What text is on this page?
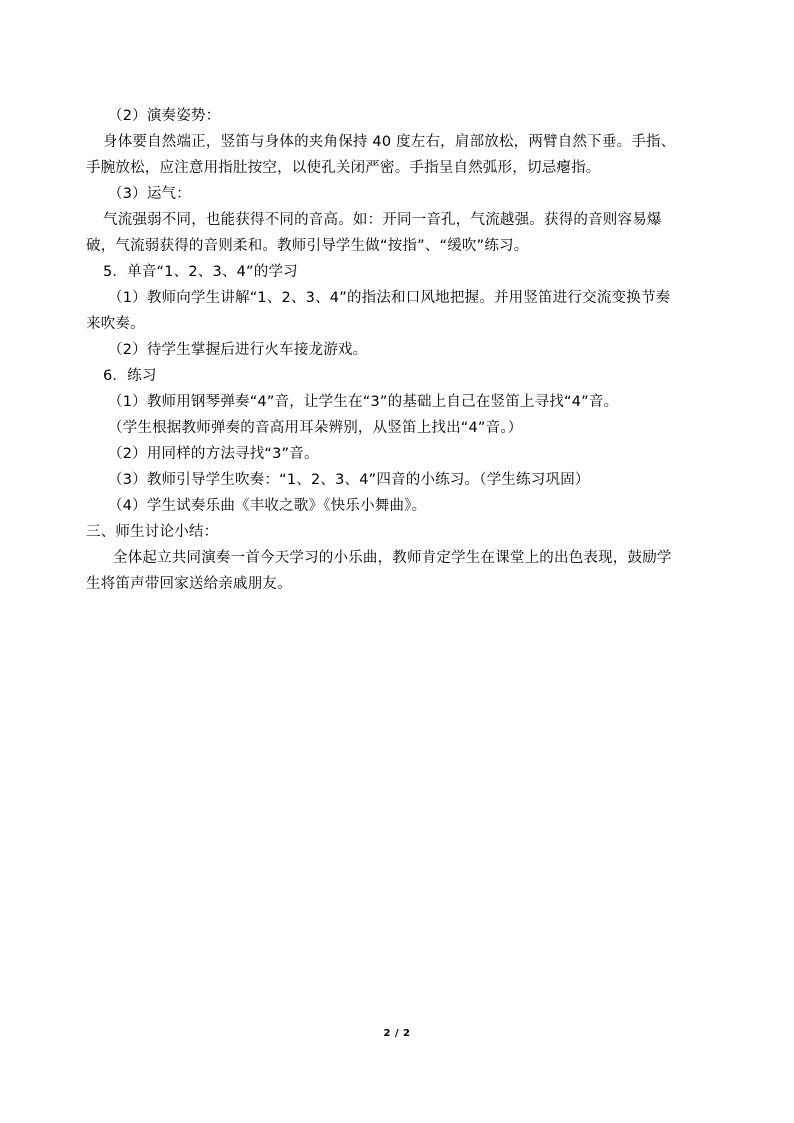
（2）演奏姿势：
身体要自然端正，竖笛与身体的夹角保持 40 度左右，肩部放松，两臂自然下垂。手指、
手腕放松，应注意用指肚按空，以使孔关闭严密。手指呈自然弧形，切忌瘪指。
（3）运气：
气流强弱不同，也能获得不同的音高。如：开同一音孔，气流越强。获得的音则容易爆
破，气流弱获得的音则柔和。教师引导学生做“按指”、“缓吹”练习。
5．单音“1、2、3、4”的学习
（1）教师向学生讲解“1、2、3、4”的指法和口风地把握。并用竖笛进行交流变换节奏
来吹奏。
（2）待学生掌握后进行火车接龙游戏。
6．练习
（1）教师用钢琴弹奏“4”音，让学生在“3”的基础上自己在竖笛上寻找“4”音。
（学生根据教师弹奏的音高用耳朵辨别，从竖笛上找出“4”音。）
（2）用同样的方法寻找“3”音。
（3）教师引导学生吹奏：“1、2、3、4”四音的小练习。（学生练习巩固）
（4）学生试奏乐曲《丰收之歌》《快乐小舞曲》。
三、师生讨论小结：
全体起立共同演奏一首今天学习的小乐曲，教师肯定学生在课堂上的出色表现，鼓励学
生将笛声带回家送给亲戚朋友。
2 / 2
